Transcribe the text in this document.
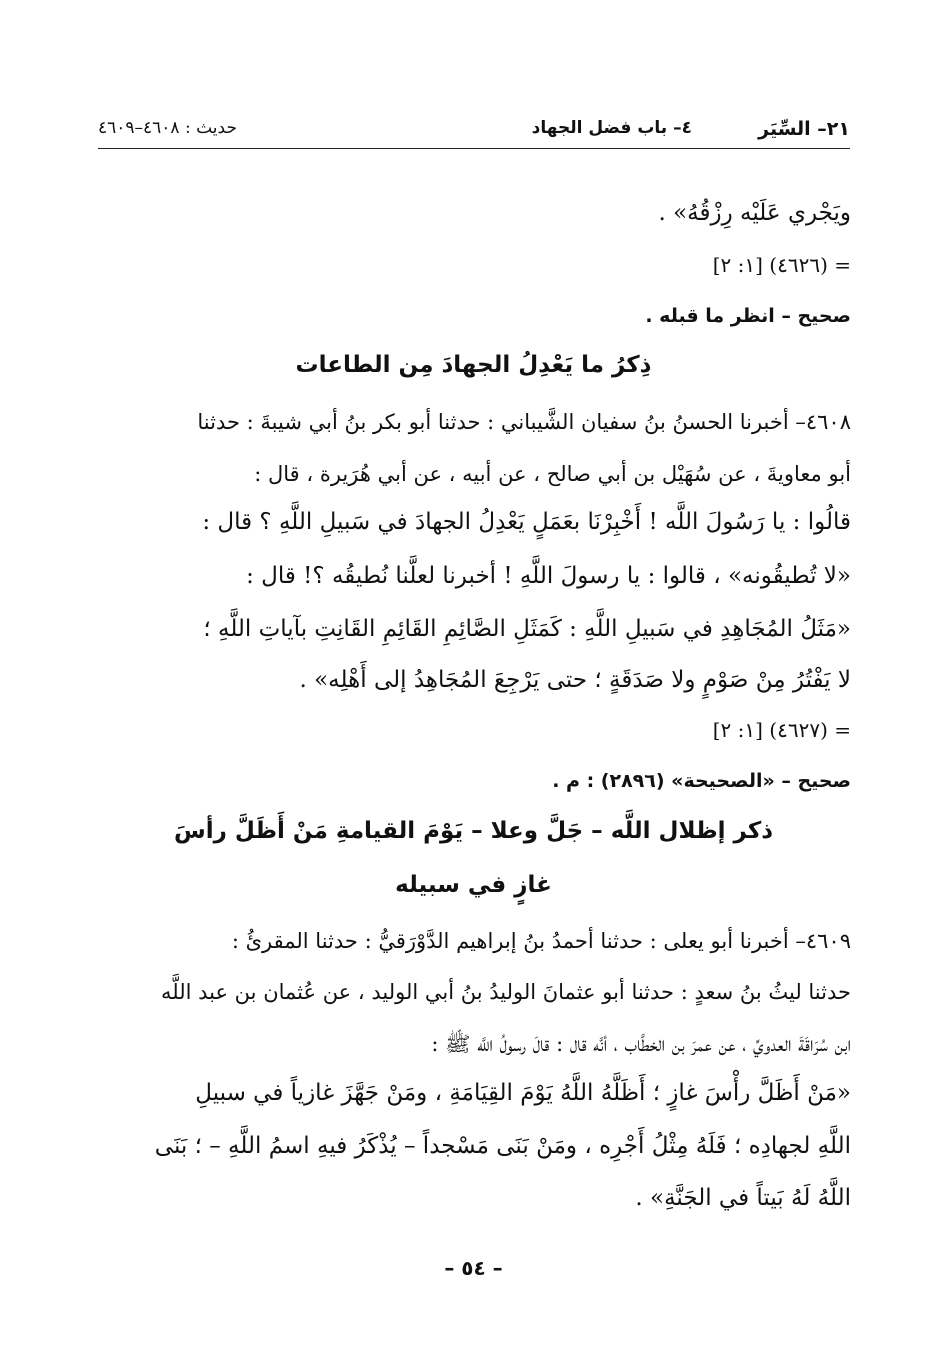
٢١– السِّيَر
٤– باب فضل الجهاد
حديث : ٤٦٠٨–٤٦٠٩
ويَجْري عَلَيْه رِزْقُهُ» .
= (٤٦٢٦) [١: ٢]
صحيح – انظر ما قبله .
ذِكرُ ما يَعْدِلُ الجهادَ مِن الطاعات
٤٦٠٨– أخبرنا الحسنُ بنُ سفيان الشَّيباني : حدثنا أبو بكر بنُ أبي شيبةَ : حدثنا
أبو معاويةَ ، عن سُهَيْل بن أبي صالح ، عن أبيه ، عن أبي هُرَيرة ، قال :
قالُوا : يا رَسُولَ اللَّه ! أَخْبِرْنَا بعَمَلٍ يَعْدِلُ الجهادَ في سَبيلِ اللَّهِ ؟ قال :
«لا تُطيقُونه» ، قالوا : يا رسولَ اللَّهِ ! أخبرنا لعلَّنا نُطيقُه ؟! قال :
«مَثَلُ المُجَاهِدِ في سَبيلِ اللَّهِ : كَمَثَلِ الصَّائِمِ القَائِمِ القَانِتِ بآياتِ اللَّهِ ؛
لا يَفْتُرُ مِنْ صَوْمٍ ولا صَدَقَةٍ ؛ حتى يَرْجِعَ المُجَاهِدُ إلى أَهْلِه» .
= (٤٦٢٧) [١: ٢]
صحيح – «الصحيحة» (٢٨٩٦) : م .
ذكر إظلال اللَّه – جَلَّ وعلا – يَوْمَ القيامةِ مَنْ أَظَلَّ رأسَ
غازٍ في سبيله
٤٦٠٩– أخبرنا أبو يعلى : حدثنا أحمدُ بنُ إبراهيم الدَّوْرَقيُّ : حدثنا المقرئُ :
حدثنا ليثُ بنُ سعدٍ : حدثنا أبو عثمانَ الوليدُ بنُ أبي الوليد ، عن عُثمان بن عبد اللَّه
ابن سُرَاقَةَ العدويِّ ، عن عمرَ بن الخطَّاب ، أنَّه قال : قالَ رسولُ اللَّه ﷺ :
«مَنْ أَظَلَّ رأْسَ غازٍ ؛ أَظَلَّهُ اللَّهُ يَوْمَ القِيَامَةِ ، ومَنْ جَهَّزَ غازياً في سبيلِ
اللَّهِ لجهادِه ؛ فَلَهُ مِثْلُ أَجْرِه ، ومَنْ بَنَى مَسْجداً – يُذْكَرُ فيهِ اسمُ اللَّهِ – ؛ بَنَى
اللَّهُ لَهُ بَيتاً في الجَنَّةِ» .
– ٥٤ –
